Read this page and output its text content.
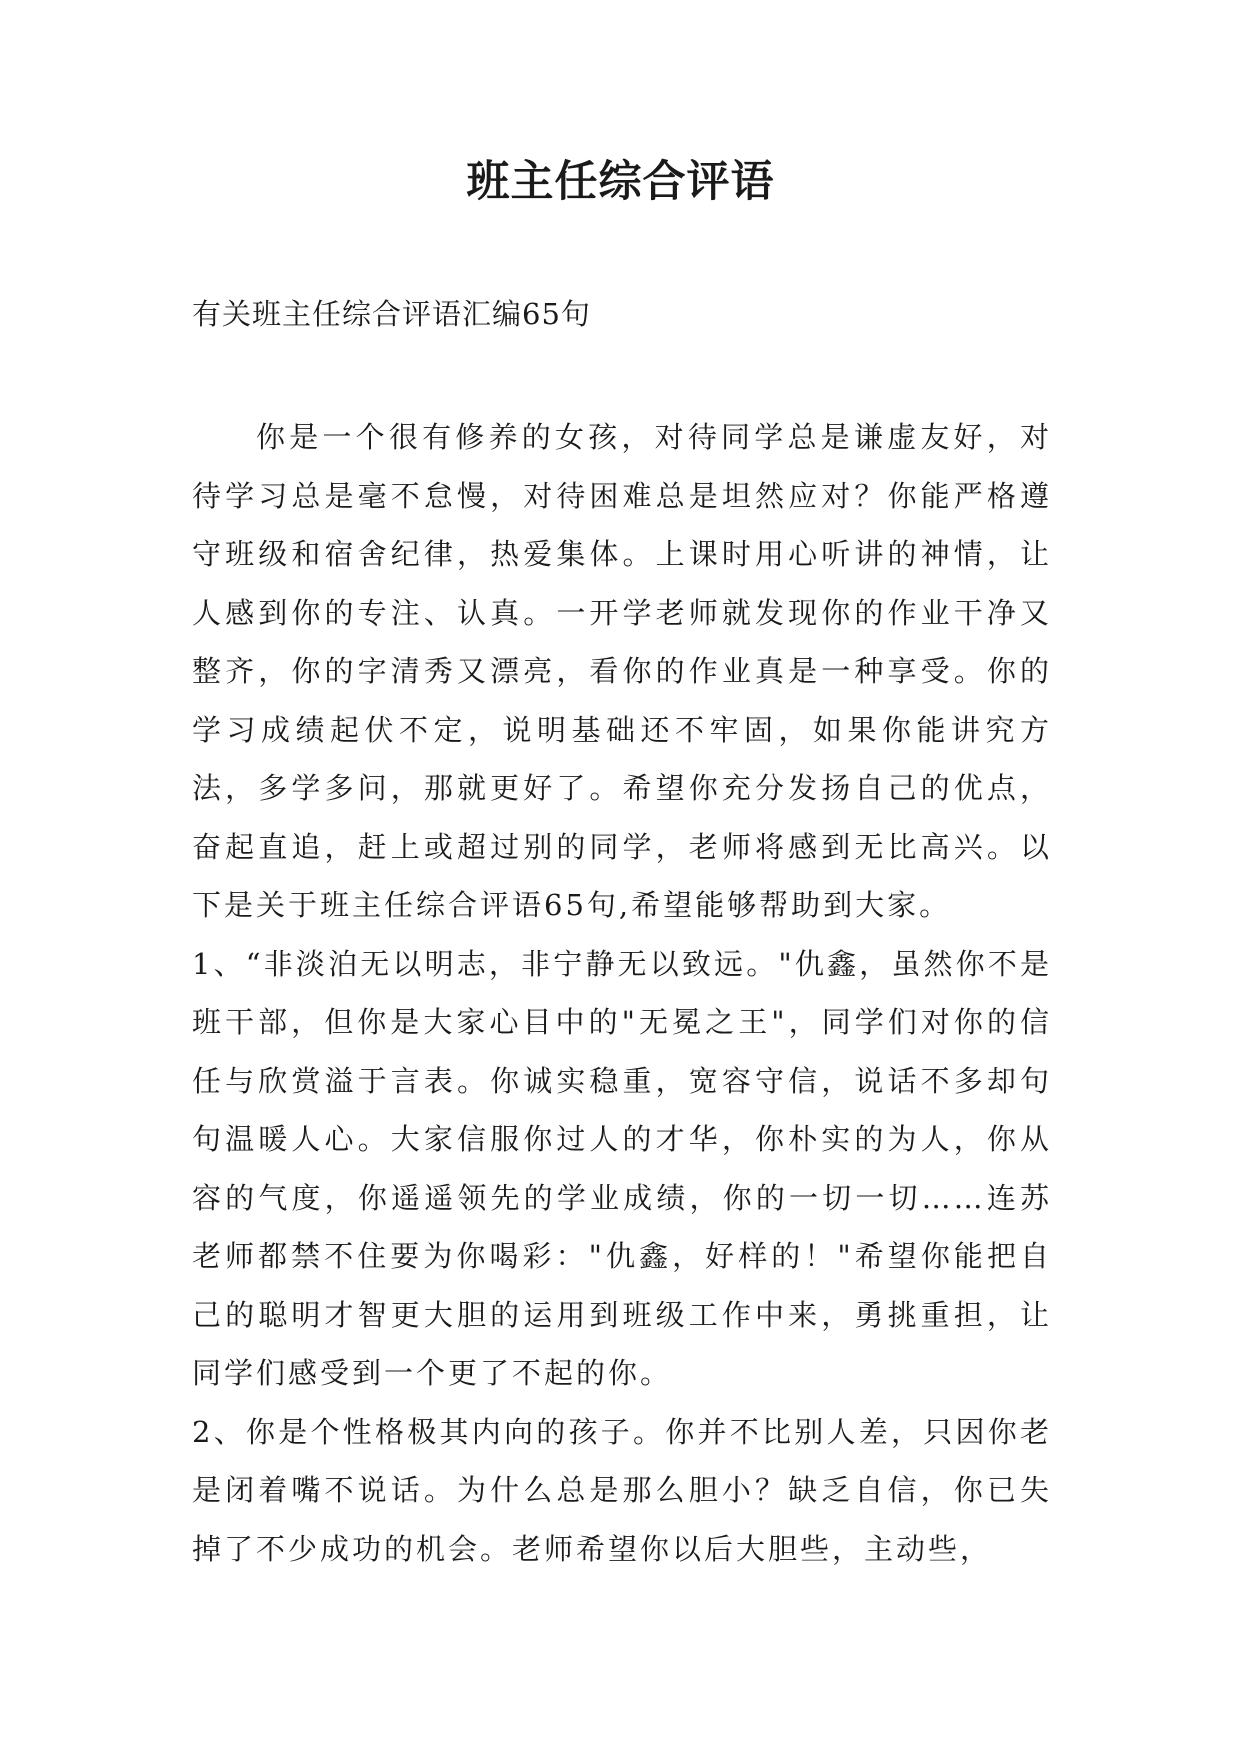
班主任综合评语
有关班主任综合评语汇编65句

你是一个很有修养的女孩，对待同学总是谦虚友好，对待学习总是毫不怠慢，对待困难总是坦然应对？你能严格遵守班级和宿舍纪律，热爱集体。上课时用心听讲的神情，让人感到你的专注、认真。一开学老师就发现你的作业干净又整齐，你的字清秀又漂亮，看你的作业真是一种享受。你的学习成绩起伏不定，说明基础还不牢固，如果你能讲究方法，多学多问，那就更好了。希望你充分发扬自己的优点，奋起直追，赶上或超过别的同学，老师将感到无比高兴。以下是关于班主任综合评语65句,希望能够帮助到大家。

1、“非淡泊无以明志，非宁静无以致远。"仇鑫，虽然你不是班干部，但你是大家心目中的"无冕之王"，同学们对你的信任与欣赏溢于言表。你诚实稳重，宽容守信，说话不多却句句温暖人心。大家信服你过人的才华，你朴实的为人，你从容的气度，你遥遥领先的学业成绩，你的一切一切……连苏老师都禁不住要为你喝彩："仇鑫，好样的！"希望你能把自己的聪明才智更大胆的运用到班级工作中来，勇挑重担，让同学们感受到一个更了不起的你。

2、你是个性格极其内向的孩子。你并不比别人差，只因你老是闭着嘴不说话。为什么总是那么胆小？缺乏自信，你已失掉了不少成功的机会。老师希望你以后大胆些，主动些，
